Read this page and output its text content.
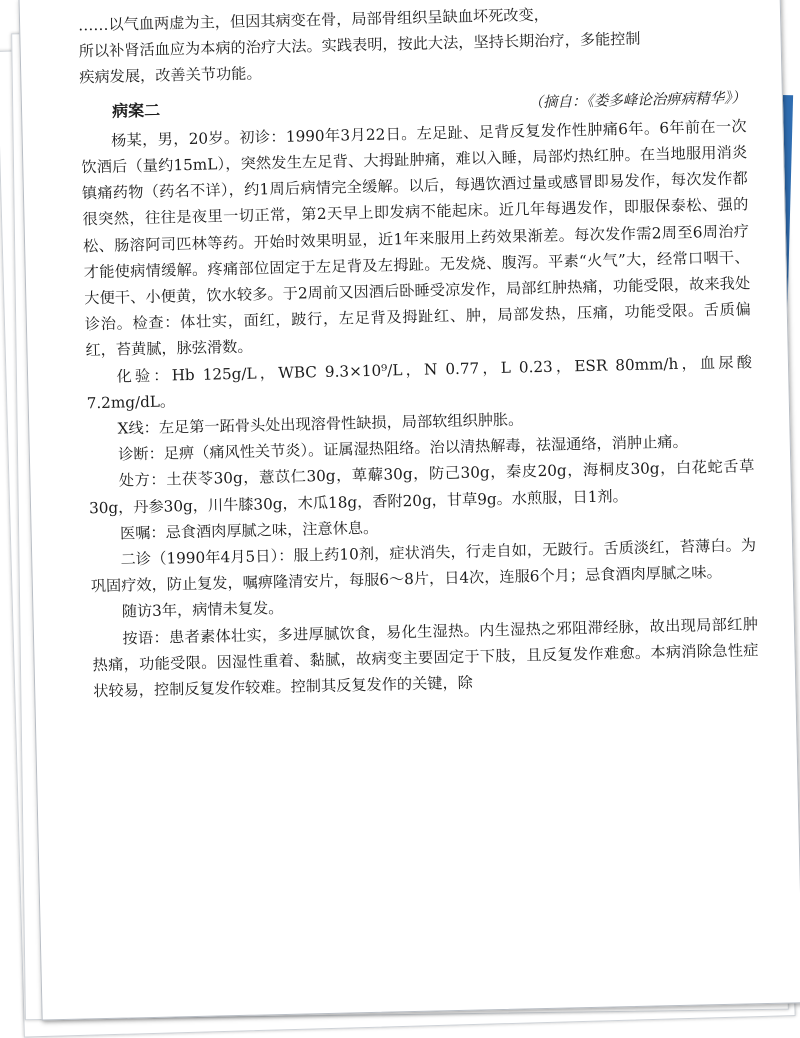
……以气血两虚为主，但因其病变在骨，局部骨组织呈缺血坏死改变，

所以补肾活血应为本病的治疗大法。实践表明，按此大法，坚持长期治疗，多能控制

疾病发展，改善关节功能。

病案二	（摘自：《娄多峰论治痹病精华》）

杨某，男，20岁。初诊：1990年3月22日。左足趾、足背反复发作性肿痛6年。6年前在一次饮酒后（量约15mL），突然发生左足背、大拇趾肿痛，难以入睡，局部灼热红肿。在当地服用消炎镇痛药物（药名不详），约1周后病情完全缓解。以后，每遇饮酒过量或感冒即易发作，每次发作都很突然，往往是夜里一切正常，第2天早上即发病不能起床。近几年每遇发作，即服保泰松、强的松、肠溶阿司匹林等药。开始时效果明显，近1年来服用上药效果渐差。每次发作需2周至6周治疗才能使病情缓解。疼痛部位固定于左足背及左拇趾。无发烧、腹泻。平素“火气”大，经常口咽干、大便干、小便黄，饮水较多。于2周前又因酒后卧睡受凉发作，局部红肿热痛，功能受限，故来我处诊治。检查：体壮实，面红，跛行，左足背及拇趾红、肿，局部发热，压痛，功能受限。舌质偏红，苔黄腻，脉弦滑数。

化验：Hb 125g/L，WBC 9.3×10⁹/L，N 0.77，L 0.23，ESR 80mm/h，血尿酸7.2mg/dL。

X线：左足第一跖骨头处出现溶骨性缺损，局部软组织肿胀。

诊断：足痹（痛风性关节炎）。证属湿热阻络。治以清热解毒，祛湿通络，消肿止痛。

处方：土茯苓30g，薏苡仁30g，萆薢30g，防己30g，秦皮20g，海桐皮30g，白花蛇舌草30g，丹参30g，川牛膝30g，木瓜18g，香附20g，甘草9g。水煎服，日1剂。

医嘱：忌食酒肉厚腻之味，注意休息。

二诊（1990年4月5日）：服上药10剂，症状消失，行走自如，无跛行。舌质淡红，苔薄白。为巩固疗效，防止复发，嘱痹隆清安片，每服6～8片，日4次，连服6个月；忌食酒肉厚腻之味。

随访3年，病情未复发。

按语：患者素体壮实，多进厚腻饮食，易化生湿热。内生湿热之邪阻滞经脉，故出现局部红肿热痛，功能受限。因湿性重着、黏腻，故病变主要固定于下肢，且反复发作难愈。本病消除急性症状较易，控制反复发作较难。控制其反复发作的关键，除
